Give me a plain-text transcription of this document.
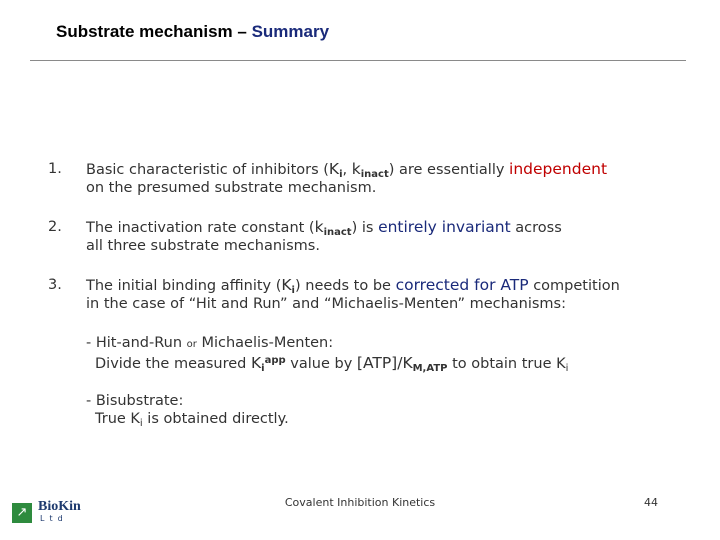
Substrate mechanism – Summary
1. Basic characteristic of inhibitors ($K_i$, $k_{inact}$) are essentially independent
on the presumed substrate mechanism.
2. The inactivation rate constant $(k_{inact})$ is entirely invariant across
all three substrate mechanisms.
3. The initial binding affinity $(K_i)$ needs to be corrected for ATP competition
in the case of “Hit and Run” and “Michaelis-Menten” mechanisms:
- Hit-and-Run or Michaelis-Menten:
Divide the measured $K_i^{app}$ value by $[ATP]/K_{M,ATP}$ to obtain true $K_i$
- Bisubstrate:
True $K_i$ is obtained directly.
↗ BioKin
Ltd
Covalent Inhibition Kinetics	44
